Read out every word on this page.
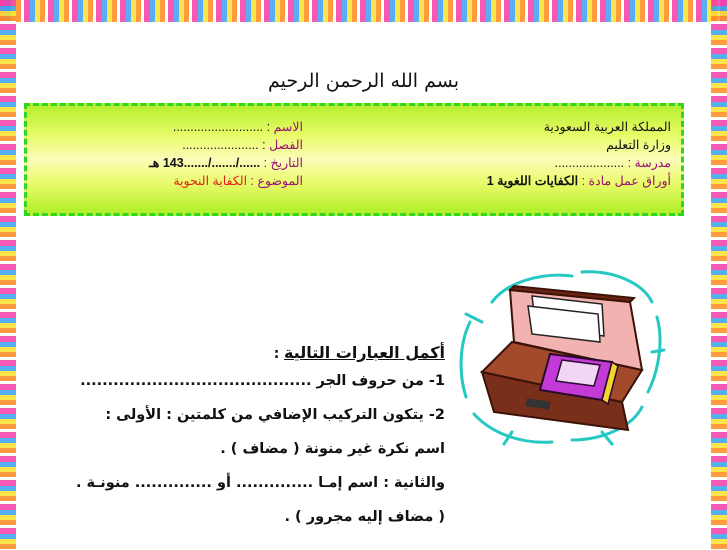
بسم الله الرحمن الرحيم
المملكة العربية السعودية
وزارة التعليم
مدرسة : ....................
أوراق عمل مادة : الكفايات اللغوية 1
الاسم : ..........................
الفصل : ......................
التاريخ : ....../......./.......143 هـ
الموضوع : الكفاية النحوية
أكمل العبارات التالية :
1- من حروف الجر ..........................................
2- يتكون التركيب الإضافي من كلمتين : الأولى :
اسم نكرة غير منونة ( مضاف ) .
والثانية : اسم إمـا .............. أو .............. منونـة .
( مضاف إليه مجرور ) .
